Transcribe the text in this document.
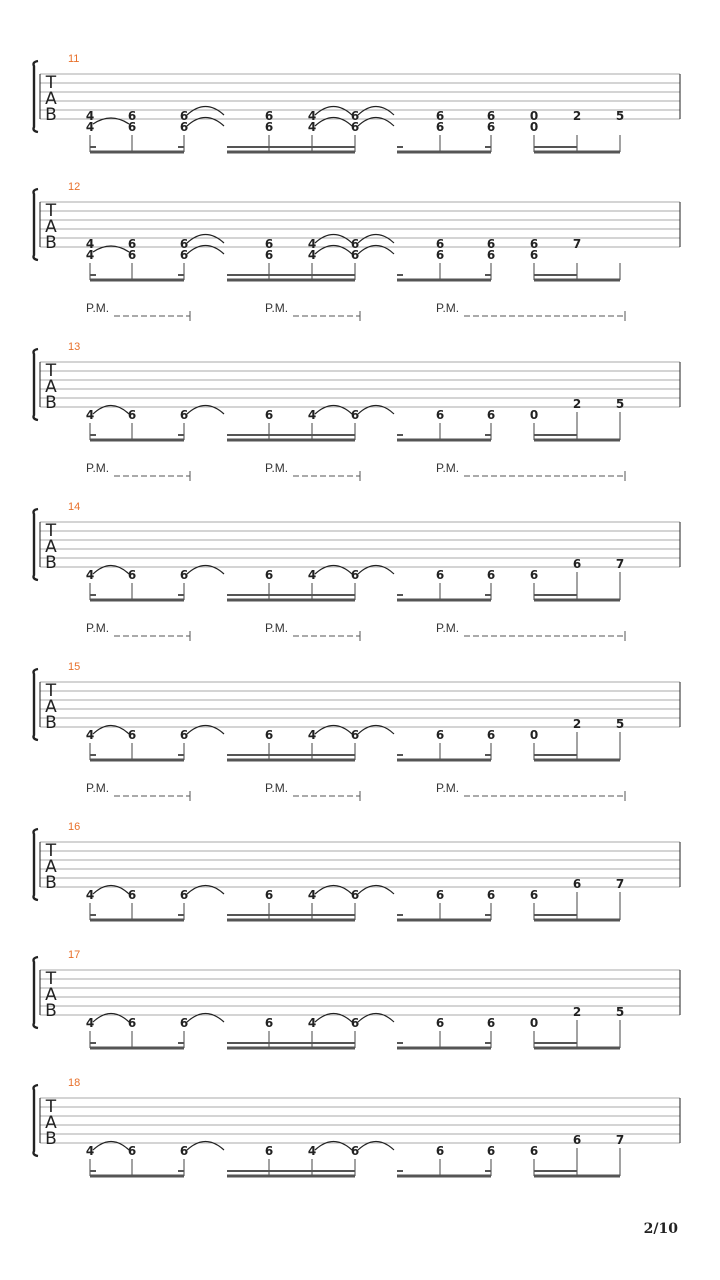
T
A
B
11
4	6	6	6	4	6	6	6	0	2	5
4	6	6	6	4	6	6	6	0
T
A
B
12
4	6	6	6	4	6	6	6	6	7
4	6	6	6	4	6	6	6	6
T
A
B
13
P.M.	P.M.	P.M.
4	6	6	6	4	6	6	6	0
2	5
T
A
B
14
P.M.	P.M.	P.M.
4	6	6	6	4	6	6	6	6
6	7
T
A
B
15
P.M.	P.M.	P.M.
4	6	6	6	4	6	6	6	0
2	5
T
A
B
16
P.M.	P.M.	P.M.
4	6	6	6	4	6	6	6	6
6	7
T
A
B
17
4	6	6	6	4	6	6	6	0
2	5
T
A
B
18
4	6	6	6	4	6	6	6	6
6	7
2/10
